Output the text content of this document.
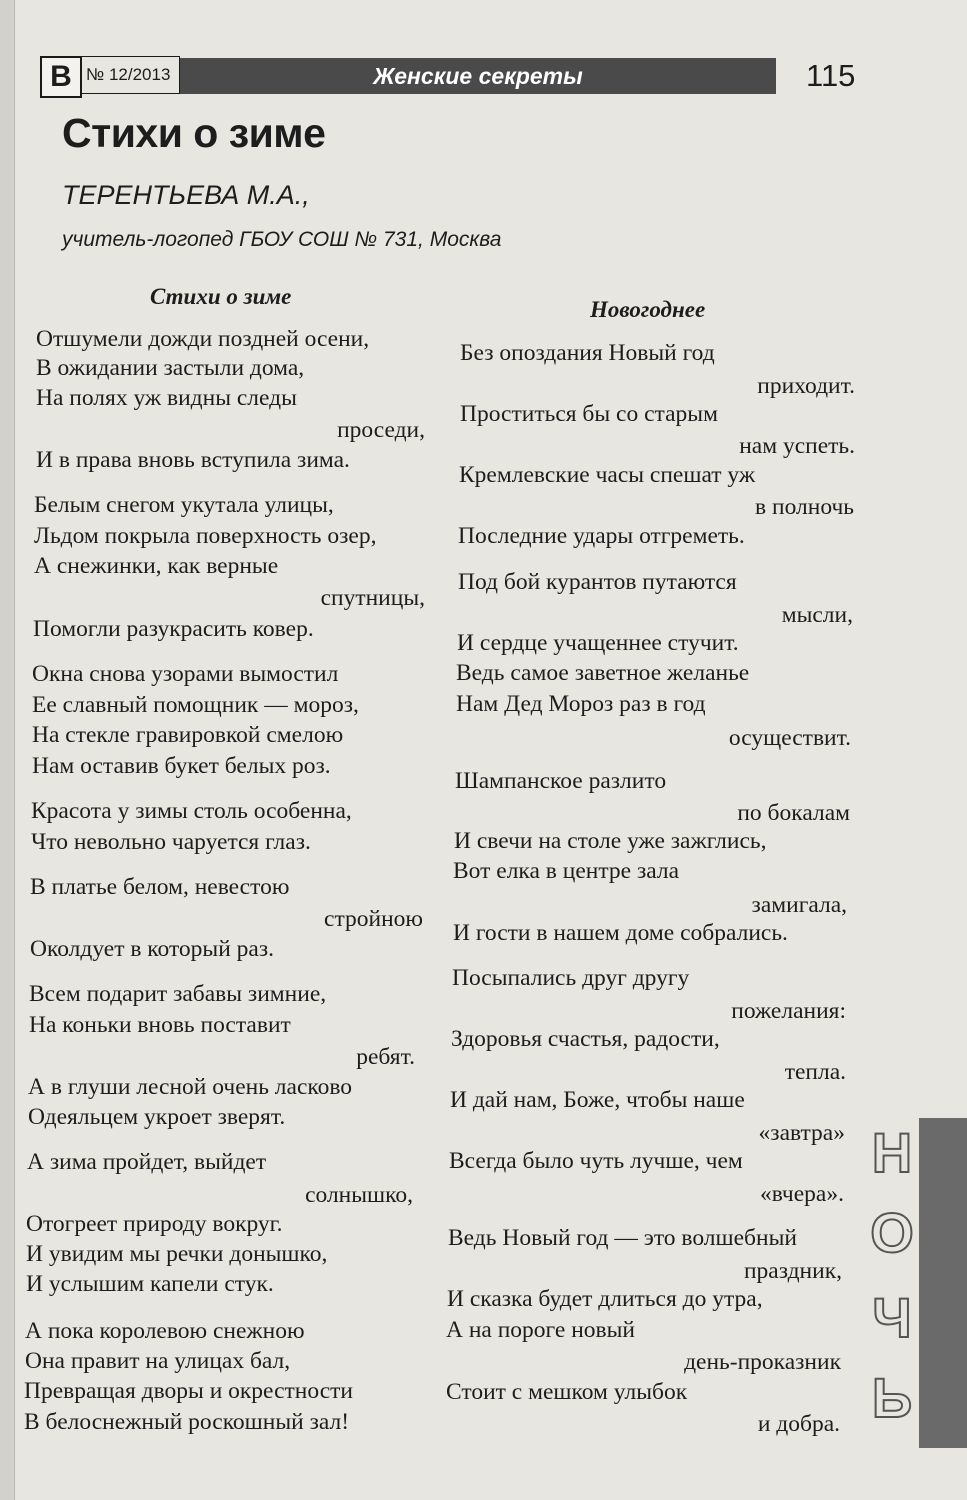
В № 12/2013	Женские секреты	115
Стихи о зиме
ТЕРЕНТЬЕВА М.А.,
учитель-логопед ГБОУ СОШ № 731, Москва
Стихи о зиме
Новогоднее
Отшумели дожди поздней осени,
В ожидании застыли дома,
На полях уж видны следы
проседи,
И в права вновь вступила зима.
Белым снегом укутала улицы,
Льдом покрыла поверхность озер,
А снежинки, как верные
спутницы,
Помогли разукрасить ковер.
Окна снова узорами вымостил
Ее славный помощник — мороз,
На стекле гравировкой смелою
Нам оставив букет белых роз.
Красота у зимы столь особенна,
Что невольно чаруется глаз.
В платье белом, невестою
стройною
Околдует в который раз.
Всем подарит забавы зимние,
На коньки вновь поставит
ребят.
А в глуши лесной очень ласково
Одеяльцем укроет зверят.
А зима пройдет, выйдет
солнышко,
Отогреет природу вокруг.
И увидим мы речки донышко,
И услышим капели стук.
А пока королевою снежною
Она правит на улицах бал,
Превращая дворы и окрестности
В белоснежный роскошный зал!
Без опоздания Новый год
приходит.
Проститься бы со старым
нам успеть.
Кремлевские часы спешат уж
в полночь
Последние удары отгреметь.
Под бой курантов путаются
мысли,
И сердце учащеннее стучит.
Ведь самое заветное желанье
Нам Дед Мороз раз в год
осуществит.
Шампанское разлито
по бокалам
И свечи на столе уже зажглись,
Вот елка в центре зала
замигала,
И гости в нашем доме собрались.
Посыпались друг другу
пожелания:
Здоровья счастья, радости,
тепла.
И дай нам, Боже, чтобы наше
«завтра»
Всегда было чуть лучше, чем
«вчера».
Ведь Новый год — это волшебный
праздник,
И сказка будет длиться до утра,
А на пороге новый
день-проказник
Стоит с мешком улыбок
и добра.
Н
О
Ч
Ь
